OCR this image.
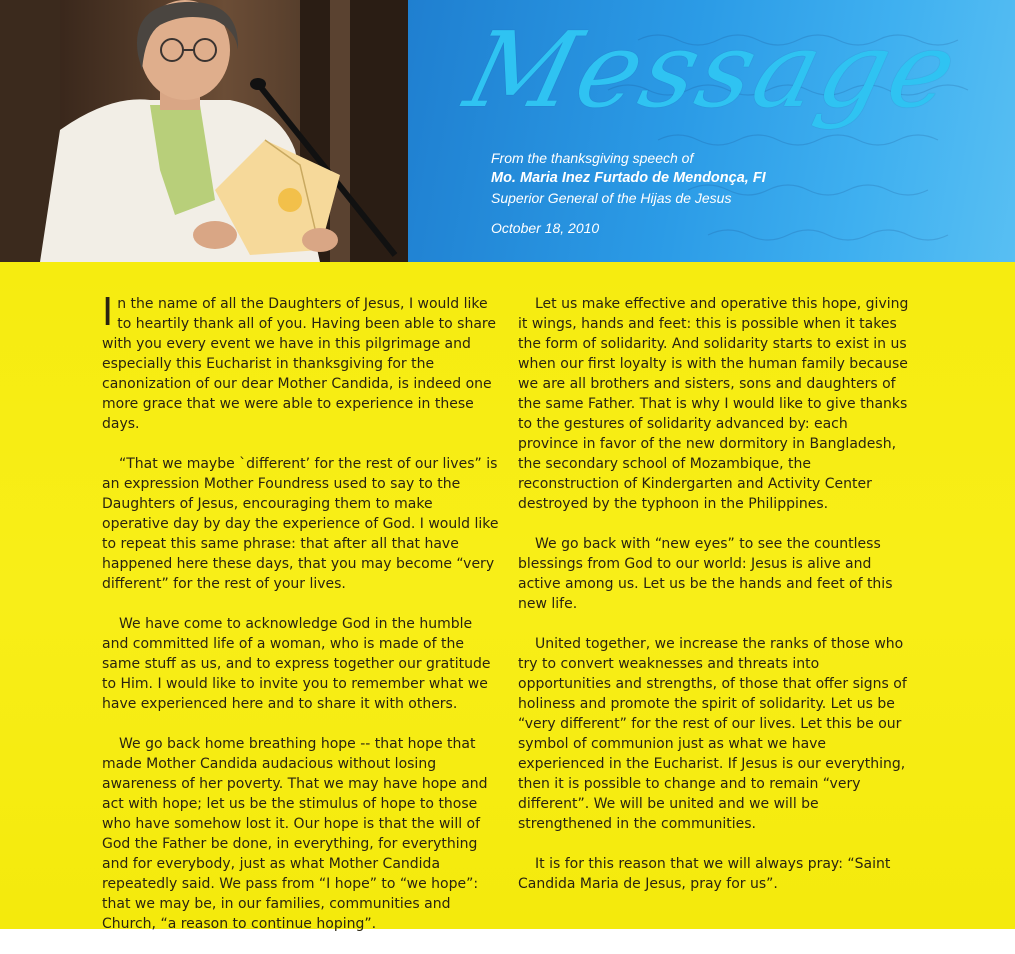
Message
From the thanksgiving speech of
Mo. Maria Inez Furtado de Mendonça, FI
Superior General of the Hijas de Jesus
October 18, 2010

In the name of all the Daughters of Jesus, I would like to heartily thank all of you. Having been able to share with you every event we have in this pilgrimage and especially this Eucharist in thanksgiving for the canonization of our dear Mother Candida, is indeed one more grace that we were able to experience in these days.

“That we maybe `different’ for the rest of our lives” is an expression Mother Foundress used to say to the Daughters of Jesus, encouraging them to make operative day by day the experience of God. I would like to repeat this same phrase: that after all that have happened here these days, that you may become “very different” for the rest of your lives.

We have come to acknowledge God in the humble and committed life of a woman, who is made of the same stuff as us, and to express together our gratitude to Him. I would like to invite you to remember what we have experienced here and to share it with others.

We go back home breathing hope -- that hope that made Mother Candida audacious without losing awareness of her poverty. That we may have hope and act with hope; let us be the stimulus of hope to those who have somehow lost it. Our hope is that the will of God the Father be done, in everything, for everything and for everybody, just as what Mother Candida repeatedly said. We pass from “I hope” to “we hope”: that we may be, in our families, communities and Church, “a reason to continue hoping”.

Let us make effective and operative this hope, giving it wings, hands and feet: this is possible when it takes the form of solidarity. And solidarity starts to exist in us when our first loyalty is with the human family because we are all brothers and sisters, sons and daughters of the same Father. That is why I would like to give thanks to the gestures of solidarity advanced by: each province in favor of the new dormitory in Bangladesh, the secondary school of Mozambique, the reconstruction of Kindergarten and Activity Center destroyed by the typhoon in the Philippines.

We go back with “new eyes” to see the countless blessings from God to our world: Jesus is alive and active among us. Let us be the hands and feet of this new life.

United together, we increase the ranks of those who try to convert weaknesses and threats into opportunities and strengths, of those that offer signs of holiness and promote the spirit of solidarity. Let us be “very different” for the rest of our lives. Let this be our symbol of communion just as what we have experienced in the Eucharist. If Jesus is our everything, then it is possible to change and to remain “very different”. We will be united and we will be strengthened in the communities.

It is for this reason that we will always pray: “Saint Candida Maria de Jesus, pray for us”.
